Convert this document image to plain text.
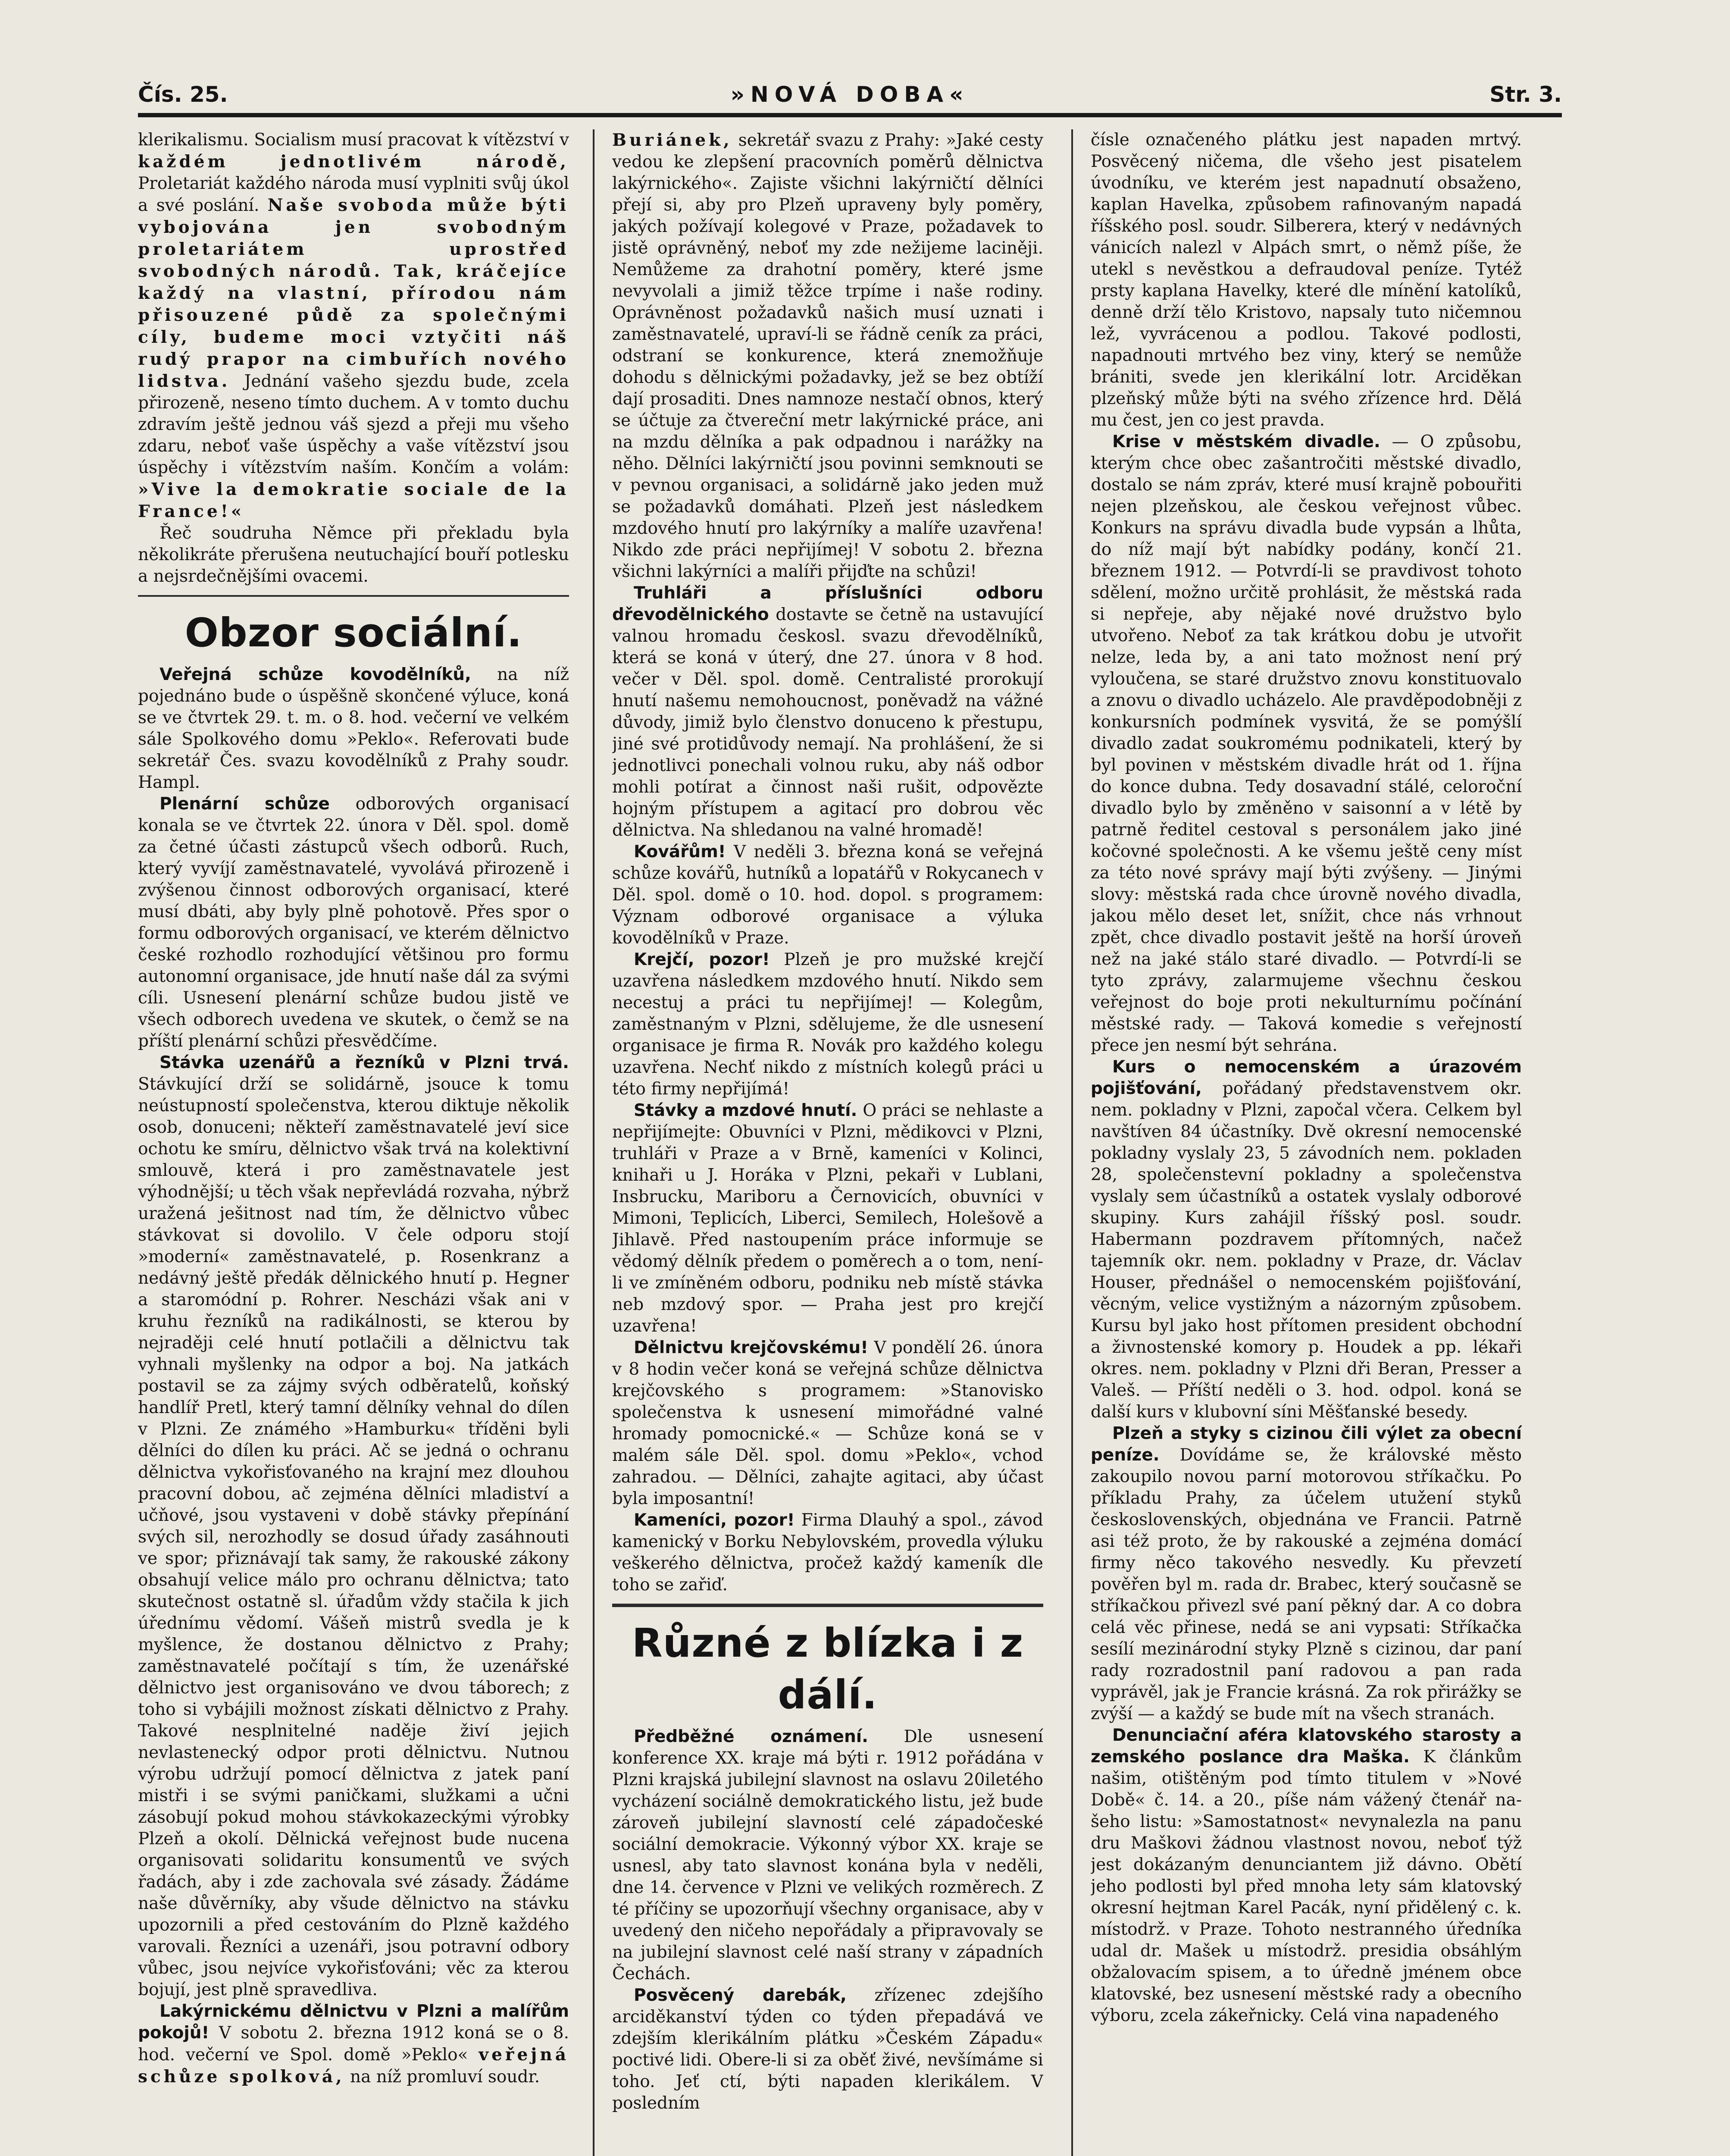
Čís. 25.	»NOVÁ DOBA«	Str. 3.

klerikalismu. Socialism musí pracovat k vítězství v každém jednotlivém národě, Proletariát každého národa musí vyplniti svůj úkol a své poslání. Naše svoboda může býti vybojována jen svobodným proletariátem uprostřed svobodných národů. Tak, kráčejíce každý na vlastní, přírodou nám přisouzené půdě za společnými cíly, budeme moci vztyčiti náš rudý prapor na cimbuřích nového lidstva. Jednání vašeho sjezdu bude, zcela přirozeně, neseno tímto duchem. A v tomto duchu zdravím ještě jednou váš sjezd a přeji mu všeho zdaru, neboť vaše úspěchy a vaše vítězství jsou úspěchy i vítězstvím naším. Končím a volám: »Vive la demokratie sociale de la France!«

Řeč soudruha Němce při překladu byla několikráte přerušena neutuchající bouří potlesku a nejsrdečnějšími ovacemi.

Obzor sociální.

Veřejná schůze kovodělníků, na níž pojednáno bude o úspěšně skončené výluce, koná se ve čtvrtek 29. t. m. o 8. hod. večerní ve velkém sále Spolkového domu »Peklo«. Referovati bude sekretář Čes. svazu kovodělníků z Prahy soudr. Hampl.

Plenární schůze odborových organisací konala se ve čtvrtek 22. února v Děl. spol. domě za četné účasti zástupců všech odborů. Ruch, který vyvíjí zaměstnavatelé, vyvolává přirozeně i zvýšenou činnost odborových organisací, které musí dbáti, aby byly plně pohotově. Přes spor o formu odborových organisací, ve kterém dělnictvo české rozhodlo rozhodující většinou pro formu autonomní organisace, jde hnutí naše dál za svými cíli. Usnesení plenární schůze budou jistě ve všech odborech uvedena ve skutek, o čemž se na příští plenární schůzi přesvědčíme.

Stávka uzenářů a řezníků v Plzni trvá. Stávkující drží se solidárně, jsouce k tomu neústupností společenstva, kterou diktuje několik osob, donuceni; někteří zaměstnavatelé jeví sice ochotu ke smíru, dělnictvo však trvá na kolektivní smlouvě, která i pro zaměstnavatele jest výhodnější; u těch však nepřevládá rozvaha, nýbrž uražená ješitnost nad tím, že dělnictvo vůbec stávkovat si dovolilo. V čele odporu stojí »moderní« zaměstnavatelé, p. Rosenkranz a nedávný ještě předák dělnického hnutí p. Hegner a staromódní p. Rohrer. Nescházi však ani v kruhu řezníků na radikálnosti, se kterou by nejraději celé hnutí potlačili a dělnictvu tak vyhnali myšlenky na odpor a boj. Na jatkách postavil se za zájmy svých odběratelů, koňský handlíř Pretl, který tamní dělníky vehnal do dílen v Plzni. Ze známého »Hamburku« tříděni byli dělníci do dílen ku práci. Ač se jedná o ochranu dělnictva vykořisťovaného na krajní mez dlouhou pracovní dobou, ač zejména dělníci mladiství a učňové, jsou vystaveni v době stávky přepínání svých sil, nerozhodly se dosud úřady zasáhnouti ve spor; přiznávají tak samy, že rakouské zákony obsahují velice málo pro ochranu dělnictva; tato skutečnost ostatně sl. úřadům vždy stačila k jich úřednímu vědomí. Vášeň mistrů svedla je k myšlence, že dostanou dělnictvo z Prahy; zaměstnavatelé počítají s tím, že uzenářské dělnictvo jest organisováno ve dvou táborech; z toho si vybájili možnost získati dělnictvo z Prahy. Takové nesplnitelné naděje živí jejich nevlastenecký odpor proti dělnictvu. Nutnou výrobu udržují pomocí dělnictva z jatek paní mistři i se svými paničkami, služkami a učni zásobují pokud mohou stávkokazeckými výrobky Plzeň a okolí. Dělnická veřejnost bude nucena organisovati solidaritu konsumentů ve svých řadách, aby i zde zachovala své zásady. Žádáme naše důvěrníky, aby všude dělnictvo na stávku upozornili a před cestováním do Plzně každého varovali. Řezníci a uzenáři, jsou potravní odbory vůbec, jsou nejvíce vykořisťováni; věc za kterou bojují, jest plně spravedliva.

Lakýrnickému dělnictvu v Plzni a malířům pokojů! V sobotu 2. března 1912 koná se o 8. hod. večerní ve Spol. domě »Peklo« veřejná schůze spolková, na níž promluví soudr.

Buriánek, sekretář svazu z Prahy: »Jaké cesty vedou ke zlepšení pracovních poměrů dělnictva lakýrnického«. Zajiste všichni lakýrničtí dělníci přejí si, aby pro Plzeň upraveny byly poměry, jakých požívají kolegové v Praze, požadavek to jistě oprávněný, neboť my zde nežijeme laciněji. Nemůžeme za drahotní poměry, které jsme nevyvolali a jimiž těžce trpíme i naše rodiny. Oprávněnost požadavků našich musí uznati i zaměstnavatelé, upraví-li se řádně ceník za práci, odstraní se konkurence, která znemožňuje dohodu s dělnickými požadavky, jež se bez obtíží dají prosaditi. Dnes namnoze nestačí obnos, který se účtuje za čtvereční metr lakýrnické práce, ani na mzdu dělníka a pak odpadnou i narážky na něho. Dělníci lakýrničtí jsou povinni semknouti se v pevnou organisaci, a solidárně jako jeden muž se požadavků domáhati. Plzeň jest následkem mzdového hnutí pro lakýrníky a malíře uzavřena! Nikdo zde práci nepřijímej! V sobotu 2. března všichni lakýrníci a malíři přijďte na schůzi!

Truhláři a příslušníci odboru dřevodělnického dostavte se četně na ustavující valnou hromadu českosl. svazu dřevodělníků, která se koná v úterý, dne 27. února v 8 hod. večer v Děl. spol. domě. Centralisté prorokují hnutí našemu nemohoucnost, poněvadž na vážné důvody, jimiž bylo členstvo donuceno k přestupu, jiné své protidůvody nemají. Na prohlášení, že si jednotlivci ponechali volnou ruku, aby náš odbor mohli potírat a činnost naši rušit, odpovězte hojným přístupem a agitací pro dobrou věc dělnictva. Na shledanou na valné hromadě!

Kovářům! V neděli 3. března koná se veřejná schůze kovářů, hutníků a lopatářů v Rokycanech v Děl. spol. domě o 10. hod. dopol. s programem: Význam odborové organisace a výluka kovodělníků v Praze.

Krejčí, pozor! Plzeň je pro mužské krejčí uzavřena následkem mzdového hnutí. Nikdo sem necestuj a práci tu nepřijímej! — Kolegům, zaměstnaným v Plzni, sdělujeme, že dle usnesení organisace je firma R. Novák pro každého kolegu uzavřena. Nechť nikdo z místních kolegů práci u této firmy nepřijímá!

Stávky a mzdové hnutí. O práci se nehlaste a nepřijímejte: Obuvníci v Plzni, mědikovci v Plzni, truhláři v Praze a v Brně, kameníci v Kolinci, knihaři u J. Horáka v Plzni, pekaři v Lublani, Insbrucku, Mariboru a Černovicích, obuvníci v Mimoni, Teplicích, Liberci, Semilech, Holešově a Jihlavě. Před nastoupením práce informuje se vědomý dělník předem o poměrech a o tom, není-li ve zmíněném odboru, podniku neb místě stávka neb mzdový spor. — Praha jest pro krejčí uzavřena!

Dělnictvu krejčovskému! V pondělí 26. února v 8 hodin večer koná se veřejná schůze dělnictva krejčovského s programem: »Stanovisko společenstva k usnesení mimořádné valné hromady pomocnické.« — Schůze koná se v malém sále Děl. spol. domu »Peklo«, vchod zahradou. — Dělníci, zahajte agitaci, aby účast byla imposantní!

Kameníci, pozor! Firma Dlauhý a spol., závod kamenický v Borku Nebylovském, provedla výluku veškerého dělnictva, pročež každý kameník dle toho se zařiď.

Různé z blízka i z dálí.

Předběžné oznámení. Dle usnesení konference XX. kraje má býti r. 1912 pořádána v Plzni krajská jubilejní slavnost na oslavu 20iletého vycházení sociálně demokratického listu, jež bude zároveň jubilejní slavností celé západočeské sociální demokracie. Výkonný výbor XX. kraje se usnesl, aby tato slavnost konána byla v neděli, dne 14. července v Plzni ve velikých rozměrech. Z té příčiny se upozorňují všechny organisace, aby v uvedený den ničeho nepořádaly a připravovaly se na jubilejní slavnost celé naší strany v západních Čechách.

Posvěcený darebák, zřízenec zdejšího arciděkanství týden co týden přepadává ve zdejším klerikálním plátku »Českém Západu« poctivé lidi. Obere-li si za oběť živé, nevšímáme si toho. Jeť ctí, býti napaden klerikálem. V posledním

čísle označeného plátku jest napaden mrtvý. Posvěcený ničema, dle všeho jest pisatelem úvodníku, ve kterém jest napadnutí obsaženo, kaplan Havelka, způsobem rafinovaným napadá říšského posl. soudr. Silberera, který v nedávných vánicích nalezl v Alpách smrt, o němž píše, že utekl s nevěstkou a defraudoval peníze. Tytéž prsty kaplana Havelky, které dle mínění katolíků, denně drží tělo Kristovo, napsaly tuto ničemnou lež, vyvrácenou a podlou. Takové podlosti, napadnouti mrtvého bez viny, který se nemůže brániti, svede jen klerikální lotr. Arciděkan plzeňský může býti na svého zřízence hrd. Dělá mu čest, jen co jest pravda.

Krise v městském divadle. — O způsobu, kterým chce obec zašantročiti městské divadlo, dostalo se nám zpráv, které musí krajně pobouřiti nejen plzeňskou, ale českou veřejnost vůbec. Konkurs na správu divadla bude vypsán a lhůta, do níž mají být nabídky podány, končí 21. březnem 1912. — Potvrdí-li se pravdivost tohoto sdělení, možno určitě prohlásit, že městská rada si nepřeje, aby nějaké nové družstvo bylo utvořeno. Neboť za tak krátkou dobu je utvořit nelze, leda by, a ani tato možnost není prý vyloučena, se staré družstvo znovu konstituovalo a znovu o divadlo ucházelo. Ale pravděpodobněji z konkursních podmínek vysvitá, že se pomýšlí divadlo zadat soukromému podnikateli, který by byl povinen v městském divadle hrát od 1. října do konce dubna. Tedy dosavadní stálé, celoroční divadlo bylo by změněno v saisonní a v létě by patrně ředitel cestoval s personálem jako jiné kočovné společnosti. A ke všemu ještě ceny míst za této nové správy mají býti zvýšeny. — Jinými slovy: městská rada chce úrovně nového divadla, jakou mělo deset let, snížit, chce nás vrhnout zpět, chce divadlo postavit ještě na horší úroveň než na jaké stálo staré divadlo. — Potvrdí-li se tyto zprávy, zalarmujeme všechnu českou veřejnost do boje proti nekulturnímu počínání městské rady. — Taková komedie s veřejností přece jen nesmí být sehrána.

Kurs o nemocenském a úrazovém pojišťování, pořádaný představenstvem okr. nem. pokladny v Plzni, započal včera. Celkem byl navštíven 84 účastníky. Dvě okresní nemocenské pokladny vyslaly 23, 5 závodních nem. pokladen 28, společenstevní pokladny a společenstva vyslaly sem účastníků a ostatek vyslaly odborové skupiny. Kurs zahájil říšský posl. soudr. Habermann pozdravem přítomných, načež tajemník okr. nem. pokladny v Praze, dr. Václav Houser, přednášel o nemocenském pojišťování, věcným, velice vystižným a názorným způsobem. Kursu byl jako host přítomen president obchodní a živnostenské komory p. Houdek a pp. lékaři okres. nem. pokladny v Plzni dři Beran, Presser a Valeš. — Příští neděli o 3. hod. odpol. koná se další kurs v klubovní síni Měšťanské besedy.

Plzeň a styky s cizinou čili výlet za obecní peníze. Dovídáme se, že královské město zakoupilo novou parní motorovou stříkačku. Po příkladu Prahy, za účelem utužení styků československých, objednána ve Francii. Patrně asi též proto, že by rakouské a zejména domácí firmy něco takového nesvedly. Ku převzetí pověřen byl m. rada dr. Brabec, který současně se stříkačkou přivezl své paní pěkný dar. A co dobra celá věc přinese, nedá se ani vypsati: Stříkačka sesílí mezinárodní styky Plzně s cizinou, dar paní rady rozradostnil paní radovou a pan rada vyprávěl, jak je Francie krásná. Za rok přirážky se zvýší — a každý se bude mít na všech stranách.

Denunciační aféra klatovského starosty a zemského poslance dra Maška. K článkům našim, otištěným pod tímto titulem v »Nové Době« č. 14. a 20., píše nám vážený čtenář na-šeho listu: »Samostatnost« nevynalezla na panu dru Maškovi žádnou vlastnost novou, neboť týž jest dokázaným denunciantem již dávno. Obětí jeho podlosti byl před mnoha lety sám klatovský okresní hejtman Karel Pacák, nyní přidělený c. k. místodrž. v Praze. Tohoto nestranného úředníka udal dr. Mašek u místodrž. presidia obsáhlým obžalovacím spisem, a to úředně jménem obce klatovské, bez usnesení městské rady a obecního výboru, zcela zákeřnicky. Celá vina napadeného
